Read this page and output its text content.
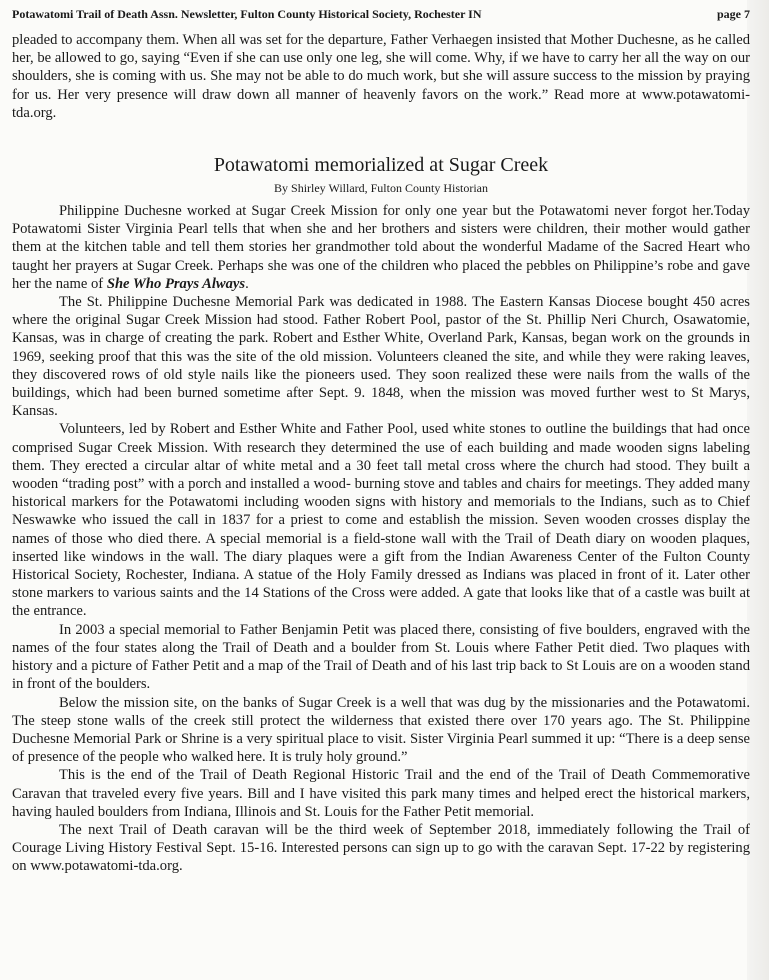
Potawatomi Trail of Death Assn. Newsletter, Fulton County Historical Society, Rochester IN	page 7

pleaded to accompany them. When all was set for the departure, Father Verhaegen insisted that Mother Duchesne, as he called her, be allowed to go, saying “Even if she can use only one leg, she will come. Why, if we have to carry her all the way on our shoulders, she is coming with us. She may not be able to do much work, but she will assure success to the mission by praying for us. Her very presence will draw down all manner of heavenly favors on the work.” Read more at www.potawatomi-tda.org.

Potawatomi memorialized at Sugar Creek
By Shirley Willard, Fulton County Historian

Philippine Duchesne worked at Sugar Creek Mission for only one year but the Potawatomi never forgot her.Today Potawatomi Sister Virginia Pearl tells that when she and her brothers and sisters were children, their mother would gather them at the kitchen table and tell them stories her grandmother told about the wonderful Madame of the Sacred Heart who taught her prayers at Sugar Creek. Perhaps she was one of the children who placed the pebbles on Philippine’s robe and gave her the name of She Who Prays Always.

The St. Philippine Duchesne Memorial Park was dedicated in 1988. The Eastern Kansas Diocese bought 450 acres where the original Sugar Creek Mission had stood. Father Robert Pool, pastor of the St. Phillip Neri Church, Osawatomie, Kansas, was in charge of creating the park. Robert and Esther White, Overland Park, Kansas, began work on the grounds in 1969, seeking proof that this was the site of the old mission. Volunteers cleaned the site, and while they were raking leaves, they discovered rows of old style nails like the pioneers used. They soon realized these were nails from the walls of the buildings, which had been burned sometime after Sept. 9. 1848, when the mission was moved further west to St Marys, Kansas.

Volunteers, led by Robert and Esther White and Father Pool, used white stones to outline the buildings that had once comprised Sugar Creek Mission. With research they determined the use of each building and made wooden signs labeling them. They erected a circular altar of white metal and a 30 feet tall metal cross where the church had stood. They built a wooden “trading post” with a porch and installed a wood- burning stove and tables and chairs for meetings. They added many historical markers for the Potawatomi including wooden signs with history and memorials to the Indians, such as to Chief Neswawke who issued the call in 1837 for a priest to come and establish the mission. Seven wooden crosses display the names of those who died there. A special memorial is a field-stone wall with the Trail of Death diary on wooden plaques, inserted like windows in the wall. The diary plaques were a gift from the Indian Awareness Center of the Fulton County Historical Society, Rochester, Indiana. A statue of the Holy Family dressed as Indians was placed in front of it. Later other stone markers to various saints and the 14 Stations of the Cross were added. A gate that looks like that of a castle was built at the entrance.

In 2003 a special memorial to Father Benjamin Petit was placed there, consisting of five boulders, engraved with the names of the four states along the Trail of Death and a boulder from St. Louis where Father Petit died. Two plaques with history and a picture of Father Petit and a map of the Trail of Death and of his last trip back to St Louis are on a wooden stand in front of the boulders.

Below the mission site, on the banks of Sugar Creek is a well that was dug by the missionaries and the Potawatomi. The steep stone walls of the creek still protect the wilderness that existed there over 170 years ago. The St. Philippine Duchesne Memorial Park or Shrine is a very spiritual place to visit. Sister Virginia Pearl summed it up: “There is a deep sense of presence of the people who walked here. It is truly holy ground.”

This is the end of the Trail of Death Regional Historic Trail and the end of the Trail of Death Commemorative Caravan that traveled every five years. Bill and I have visited this park many times and helped erect the historical markers, having hauled boulders from Indiana, Illinois and St. Louis for the Father Petit memorial.

The next Trail of Death caravan will be the third week of September 2018, immediately following the Trail of Courage Living History Festival Sept. 15-16. Interested persons can sign up to go with the caravan Sept. 17-22 by registering on www.potawatomi-tda.org.
